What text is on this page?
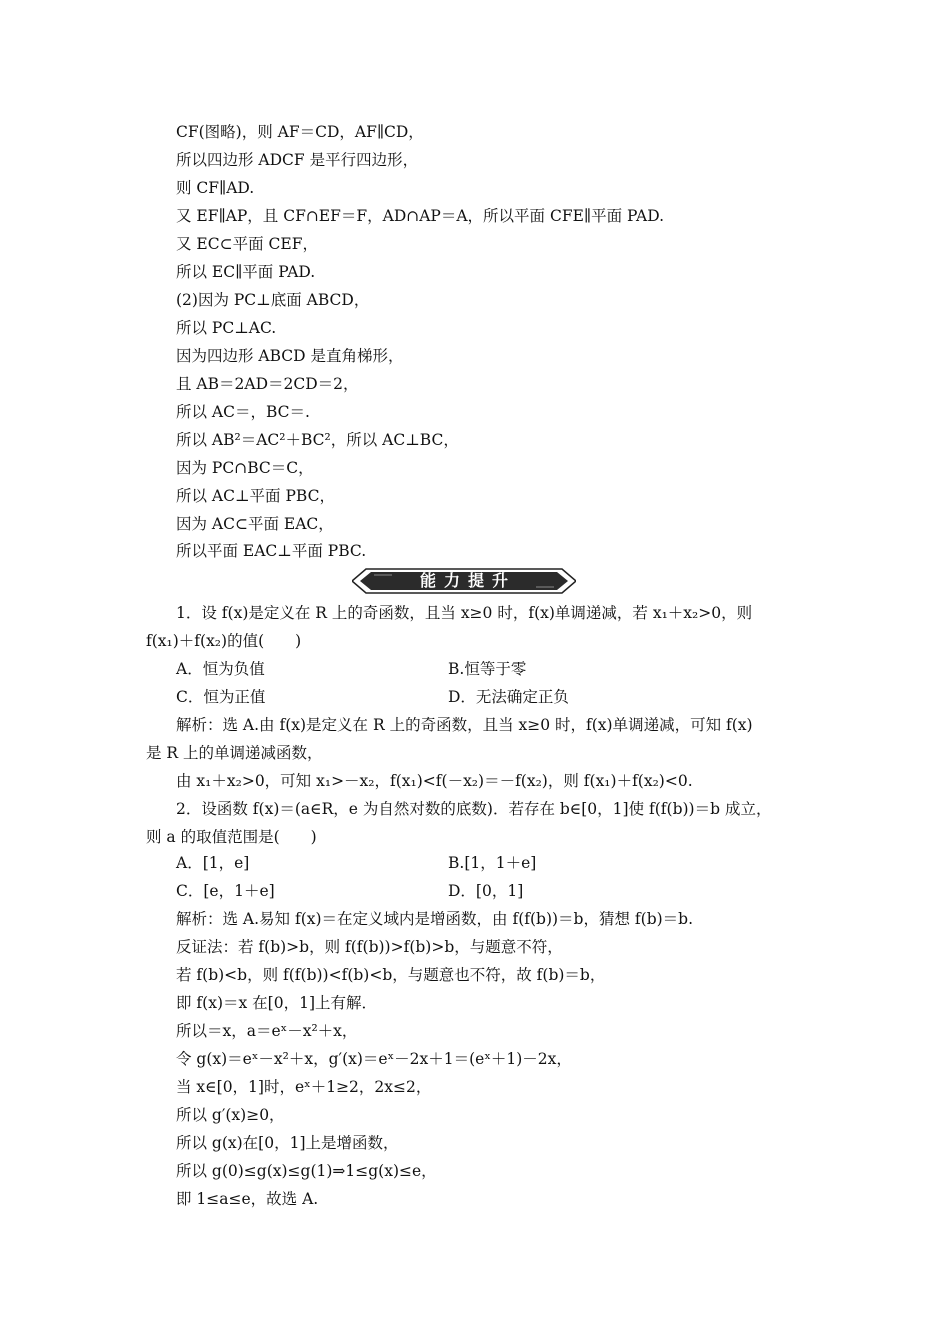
CF(图略)，则 AF＝CD，AF∥CD，
所以四边形 ADCF 是平行四边形，
则 CF∥AD.
又 EF∥AP，且 CF∩EF＝F，AD∩AP＝A，所以平面 CFE∥平面 PAD.
又 EC⊂平面 CEF，
所以 EC∥平面 PAD.
(2)因为 PC⊥底面 ABCD，
所以 PC⊥AC.
因为四边形 ABCD 是直角梯形，
且 AB＝2AD＝2CD＝2，
所以 AC＝，BC＝.
所以 AB²＝AC²＋BC²，所以 AC⊥BC，
因为 PC∩BC＝C，
所以 AC⊥平面 PBC，
因为 AC⊂平面 EAC，
所以平面 EAC⊥平面 PBC.
能力提升
1．设 f(x)是定义在 R 上的奇函数，且当 x≥0 时，f(x)单调递减，若 x₁＋x₂>0，则
f(x₁)＋f(x₂)的值(　　)
A．恒为负值	B.恒等于零
C．恒为正值	D．无法确定正负
解析：选 A.由 f(x)是定义在 R 上的奇函数，且当 x≥0 时，f(x)单调递减，可知 f(x)
是 R 上的单调递减函数，
由 x₁＋x₂>0，可知 x₁>－x₂，f(x₁)<f(－x₂)＝－f(x₂)，则 f(x₁)＋f(x₂)<0.
2．设函数 f(x)＝(a∈R，e 为自然对数的底数)．若存在 b∈[0，1]使 f(f(b))＝b 成立，
则 a 的取值范围是(　　)
A．[1，e]	B.[1，1＋e]
C．[e，1＋e]	D．[0，1]
解析：选 A.易知 f(x)＝在定义域内是增函数，由 f(f(b))＝b，猜想 f(b)＝b.
反证法：若 f(b)>b，则 f(f(b))>f(b)>b，与题意不符，
若 f(b)<b，则 f(f(b))<f(b)<b，与题意也不符，故 f(b)＝b，
即 f(x)＝x 在[0，1]上有解．
所以＝x，a＝eˣ－x²＋x，
令 g(x)＝eˣ－x²＋x，g′(x)＝eˣ－2x＋1＝(eˣ＋1)－2x，
当 x∈[0，1]时，eˣ＋1≥2，2x≤2，
所以 g′(x)≥0，
所以 g(x)在[0，1]上是增函数，
所以 g(0)≤g(x)≤g(1)⇒1≤g(x)≤e，
即 1≤a≤e，故选 A.
